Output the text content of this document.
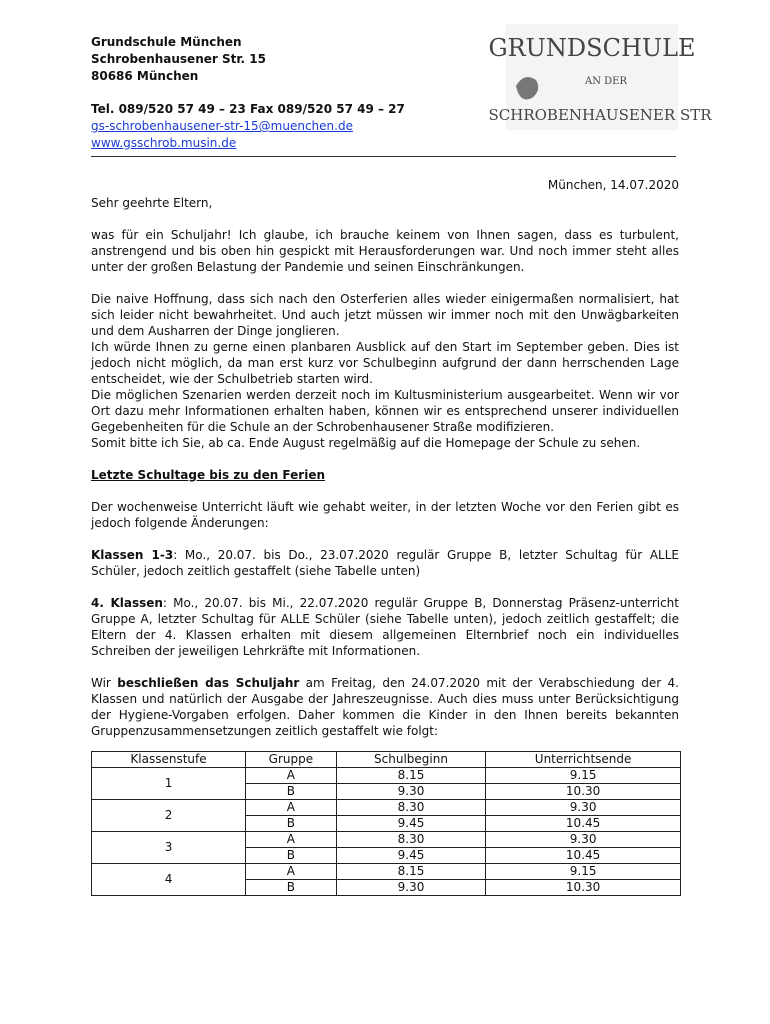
GRUNDSCHULE
AN DER
SCHROBENHAUSENER STR
Grundschule München
Schrobenhausener Str. 15
80686 München
Tel. 089/520 57 49 – 23 Fax 089/520 57 49 – 27
gs-schrobenhausener-str-15@muenchen.de
www.gsschrob.musin.de
München, 14.07.2020

Sehr geehrte Eltern,

was für ein Schuljahr! Ich glaube, ich brauche keinem von Ihnen sagen, dass es turbulent, anstrengend und bis oben hin gespickt mit Herausforderungen war. Und noch immer steht alles unter der großen Belastung der Pandemie und seinen Einschränkungen.

Die naive Hoffnung, dass sich nach den Osterferien alles wieder einigermaßen normalisiert, hat sich leider nicht bewahrheitet. Und auch jetzt müssen wir immer noch mit den Unwägbarkeiten und dem Ausharren der Dinge jonglieren.

Ich würde Ihnen zu gerne einen planbaren Ausblick auf den Start im September geben. Dies ist jedoch nicht möglich, da man erst kurz vor Schulbeginn aufgrund der dann herrschenden Lage entscheidet, wie der Schulbetrieb starten wird.

Die möglichen Szenarien werden derzeit noch im Kultusministerium ausgearbeitet. Wenn wir vor Ort dazu mehr Informationen erhalten haben, können wir es entsprechend unserer individuellen Gegebenheiten für die Schule an der Schrobenhausener Straße modifizieren.

Somit bitte ich Sie, ab ca. Ende August regelmäßig auf die Homepage der Schule zu sehen.

Letzte Schultage bis zu den Ferien

Der wochenweise Unterricht läuft wie gehabt weiter, in der letzten Woche vor den Ferien gibt es jedoch folgende Änderungen:

Klassen 1-3: Mo., 20.07. bis Do., 23.07.2020 regulär Gruppe B, letzter Schultag für ALLE Schüler, jedoch zeitlich gestaffelt (siehe Tabelle unten)

4. Klassen: Mo., 20.07. bis Mi., 22.07.2020 regulär Gruppe B, Donnerstag Präsenz-unterricht Gruppe A, letzter Schultag für ALLE Schüler (siehe Tabelle unten), jedoch zeitlich gestaffelt; die Eltern der 4. Klassen erhalten mit diesem allgemeinen Elternbrief noch ein individuelles Schreiben der jeweiligen Lehrkräfte mit Informationen.

Wir beschließen das Schuljahr am Freitag, den 24.07.2020 mit der Verabschiedung der 4. Klassen und natürlich der Ausgabe der Jahreszeugnisse. Auch dies muss unter Berücksichtigung der Hygiene-Vorgaben erfolgen. Daher kommen die Kinder in den Ihnen bereits bekannten Gruppenzusammensetzungen zeitlich gestaffelt wie folgt:

Klassenstufe	Gruppe	Schulbeginn	Unterrichtsende
1	A	8.15	9.15
	B	9.30	10.30
2	A	8.30	9.30
	B	9.45	10.45
3	A	8.30	9.30
	B	9.45	10.45
4	A	8.15	9.15
	B	9.30	10.30
